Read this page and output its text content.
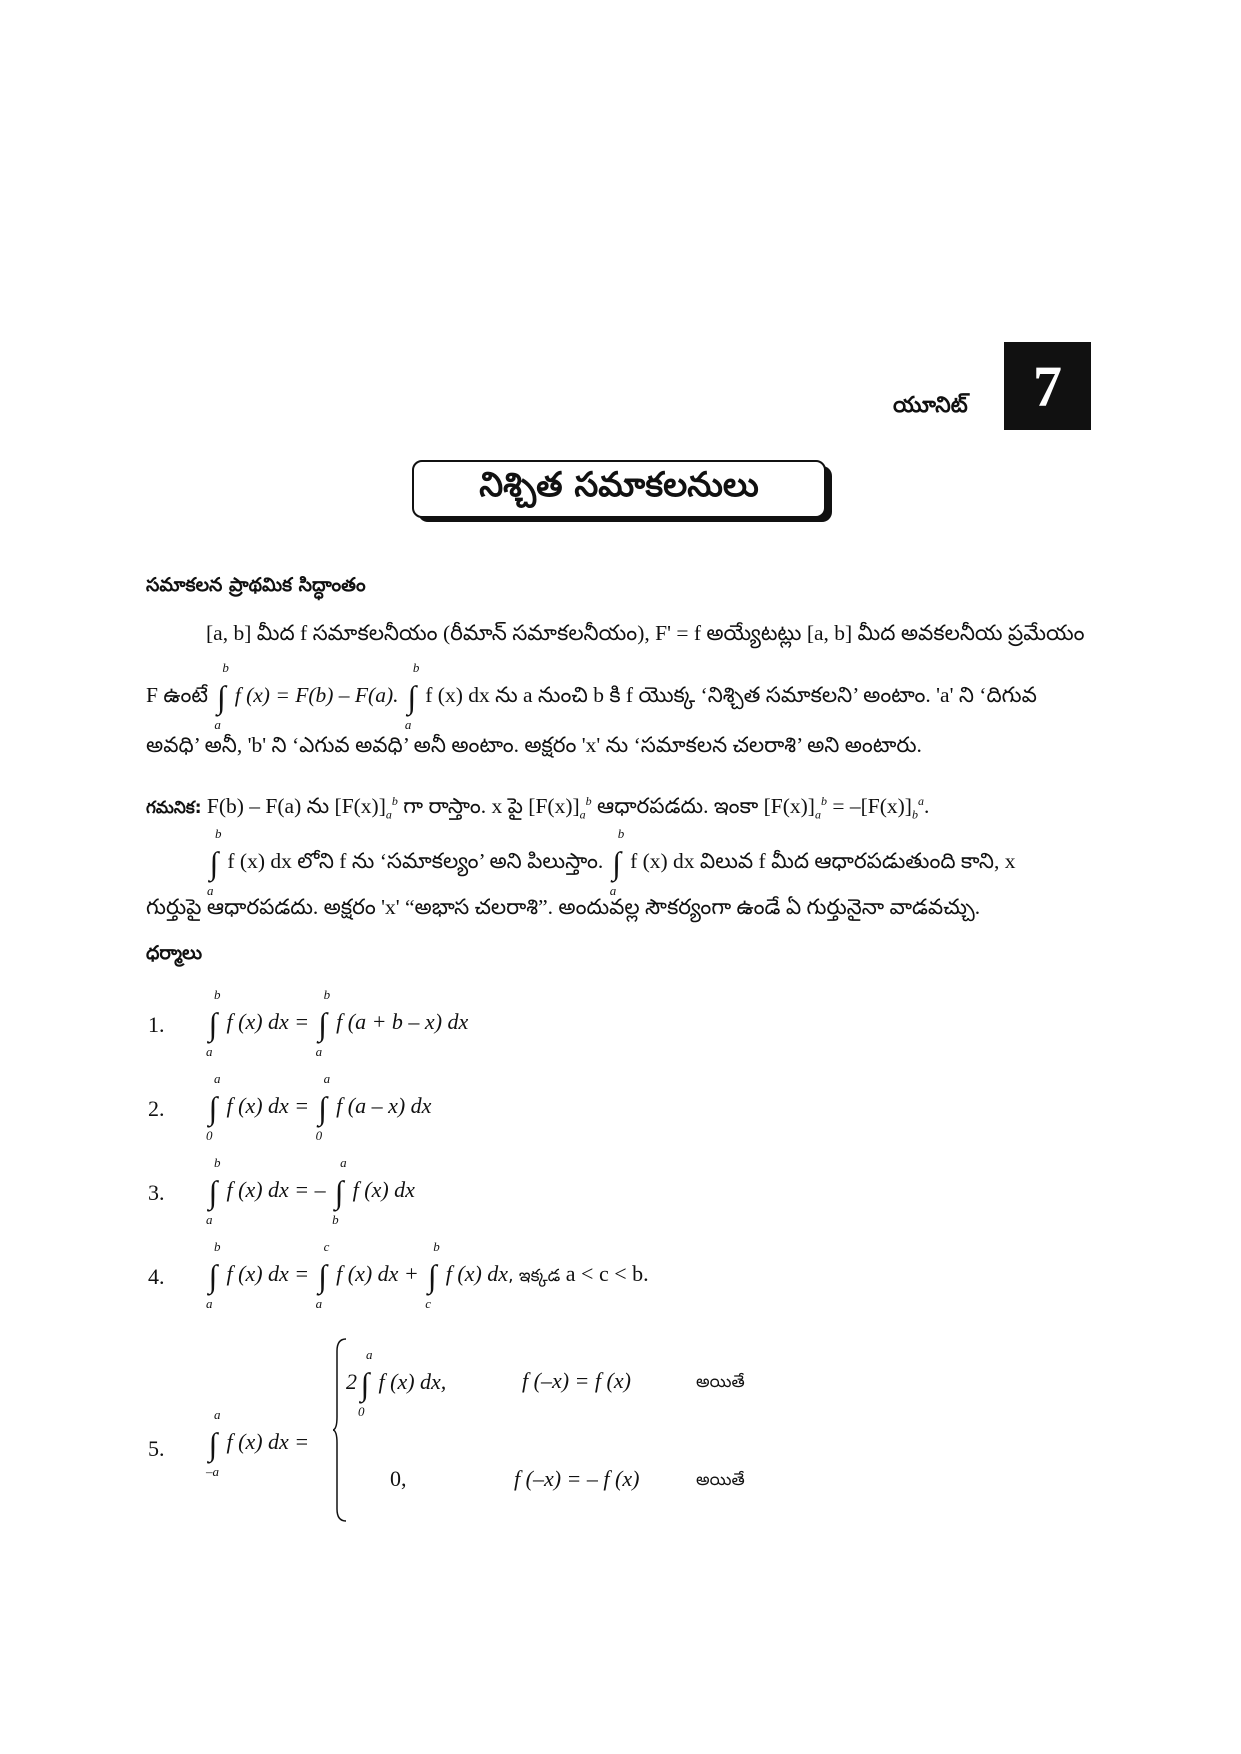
యూనిట్	7
నిశ్చిత సమాకలనులు
సమాకలన ప్రాథమిక సిద్ధాంతం
[a, b] మీద f సమాకలనీయం (రీమాన్ సమాకలనీయం), F' = f అయ్యేటట్లు [a, b] మీద అవకలనీయ ప్రమేయం
F ఉంటే ∫
b
a
f (x) = F(b) – F(a). ∫
b
a
f (x) dx ను a నుంచి b కి f యొక్క ‘నిశ్చిత సమాకలని’ అంటాం. 'a' ని ‘దిగువ
అవధి’ అనీ, 'b' ని ‘ఎగువ అవధి’ అనీ అంటాం. అక్షరం 'x' ను ‘సమాకలన చలరాశి’ అని అంటారు.
గమనిక: F(b) – F(a) ను $[F(x)]_a^b$ గా రాస్తాం. x పై $[F(x)]_a^b$ ఆధారపడదు. ఇంకా $[F(x)]_a^b = -[F(x)]_b^a$.
∫
b
a
f (x) dx లోని f ను ‘సమాకల్యం’ అని పిలుస్తాం. ∫
b
a
f (x) dx విలువ f మీద ఆధారపడుతుంది కాని, x
గుర్తుపై ఆధారపడదు. అక్షరం 'x' “అభాస చలరాశి”. అందువల్ల సౌకర్యంగా ఉండే ఏ గుర్తునైనా వాడవచ్చు.
ధర్మాలు
1. ∫
b
a
f (x) dx = ∫
b
a
f (a + b – x) dx
2. ∫
a
0
f (x) dx = ∫
a
0
f (a – x) dx
3. ∫
b
a
f (x) dx = – ∫
a
b
f (x) dx
4. ∫
b
a
f (x) dx = ∫
c
a
f (x) dx + ∫
b
c
f (x) dx, ఇక్కడ a < c < b.
5. ∫
a
–a
f (x) dx =
2 ∫
a
0
f (x) dx,	f (–x) = f (x)	అయితే
0,	f (–x) = – f (x)	అయితే
